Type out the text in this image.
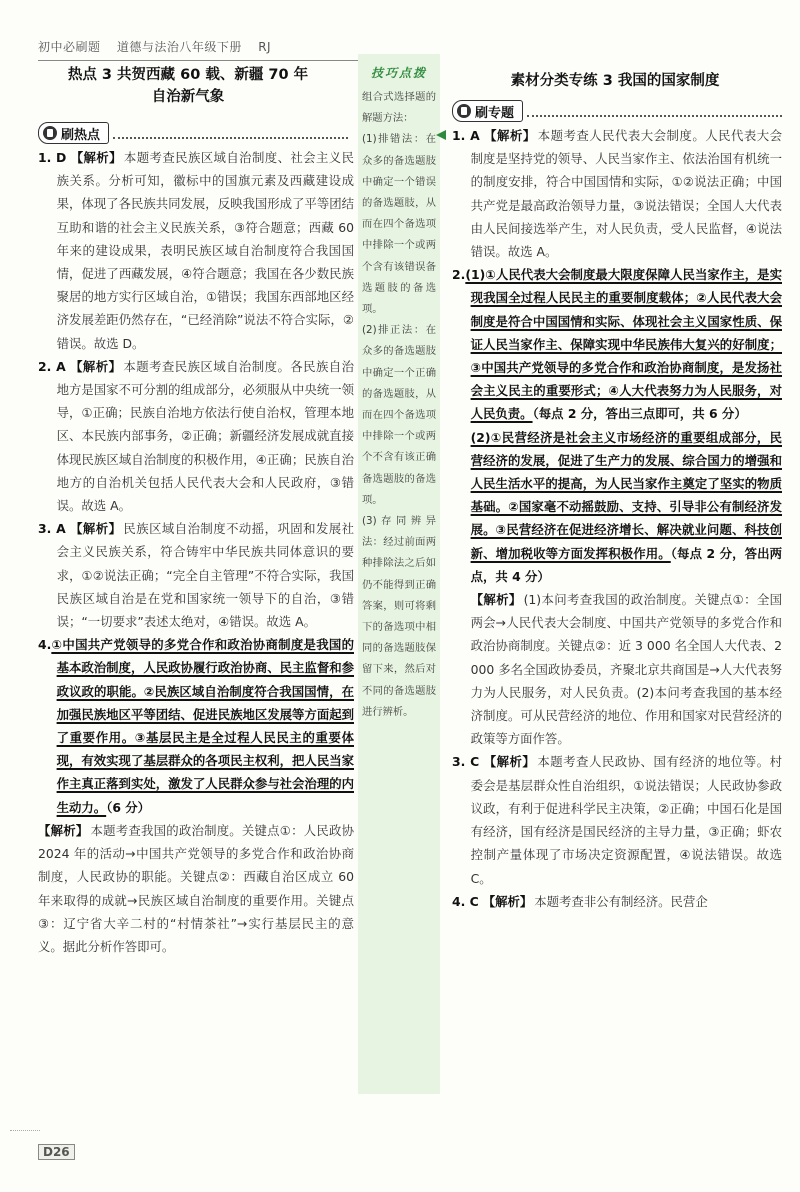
初中必刷题 道德与法治八年级下册 RJ
热点 3 共贺西藏 60 载、新疆 70 年
自治新气象
刷热点

1. D 【解析】 本题考查民族区域自治制度、社会主义民族关系。分析可知，徽标中的国旗元素及西藏建设成果，体现了各民族共同发展，反映我国形成了平等团结互助和谐的社会主义民族关系，③符合题意；西藏 60 年来的建设成果，表明民族区域自治制度符合我国国情，促进了西藏发展，④符合题意；我国在各少数民族聚居的地方实行区域自治，①错误；我国东西部地区经济发展差距仍然存在，“已经消除”说法不符合实际，②错误。故选 D。

2. A 【解析】 本题考查民族区域自治制度。各民族自治地方是国家不可分割的组成部分，必须服从中央统一领导，①正确；民族自治地方依法行使自治权，管理本地区、本民族内部事务，②正确；新疆经济发展成就直接体现民族区域自治制度的积极作用，④正确；民族自治地方的自治机关包括人民代表大会和人民政府，③错误。故选 A。

3. A 【解析】 民族区域自治制度不动摇，巩固和发展社会主义民族关系，符合铸牢中华民族共同体意识的要求，①②说法正确；“完全自主管理”不符合实际，我国民族区域自治是在党和国家统一领导下的自治，③错误；“一切要求”表述太绝对，④错误。故选 A。

4.①中国共产党领导的多党合作和政治协商制度是我国的基本政治制度，人民政协履行政治协商、民主监督和参政议政的职能。②民族区域自治制度符合我国国情，在加强民族地区平等团结、促进民族地区发展等方面起到了重要作用。③基层民主是全过程人民民主的重要体现，有效实现了基层群众的各项民主权利，把人民当家作主真正落到实处，激发了人民群众参与社会治理的内生动力。（6 分）

【解析】 本题考查我国的政治制度。关键点①：人民政协 2024 年的活动→中国共产党领导的多党合作和政治协商制度，人民政协的职能。关键点②：西藏自治区成立 60 年来取得的成就→民族区域自治制度的重要作用。关键点③：辽宁省大辛二村的“村情茶社”→实行基层民主的意义。据此分析作答即可。

技巧点拨

组合式选择题的解题方法：

(1)排错法：在众多的备选题肢中确定一个错误的备选题肢，从而在四个备选项中排除一个或两个含有该错误备选题肢的备选项。

(2)排正法：在众多的备选题肢中确定一个正确的备选题肢，从而在四个备选项中排除一个或两个不含有该正确备选题肢的备选项。

(3)存同辨异法：经过前面两种排除法之后如仍不能得到正确答案，则可将剩下的备选项中相同的备选题肢保留下来，然后对不同的备选题肢进行辨析。

素材分类专练 3 我国的国家制度
刷专题

1. A 【解析】 本题考查人民代表大会制度。人民代表大会制度是坚持党的领导、人民当家作主、依法治国有机统一的制度安排，符合中国国情和实际，①②说法正确；中国共产党是最高政治领导力量，③说法错误；全国人大代表由人民间接选举产生，对人民负责，受人民监督，④说法错误。故选 A。

2.(1)①人民代表大会制度最大限度保障人民当家作主，是实现我国全过程人民民主的重要制度载体；②人民代表大会制度是符合中国国情和实际、体现社会主义国家性质、保证人民当家作主、保障实现中华民族伟大复兴的好制度；③中国共产党领导的多党合作和政治协商制度，是发扬社会主义民主的重要形式；④人大代表努力为人民服务，对人民负责。（每点 2 分，答出三点即可，共 6 分）

(2)①民营经济是社会主义市场经济的重要组成部分，民营经济的发展，促进了生产力的发展、综合国力的增强和人民生活水平的提高，为人民当家作主奠定了坚实的物质基础。②国家毫不动摇鼓励、支持、引导非公有制经济发展。③民营经济在促进经济增长、解决就业问题、科技创新、增加税收等方面发挥积极作用。（每点 2 分，答出两点，共 4 分）

【解析】 (1)本问考查我国的政治制度。关键点①：全国两会→人民代表大会制度、中国共产党领导的多党合作和政治协商制度。关键点②：近 3 000 名全国人大代表、2 000 多名全国政协委员，齐聚北京共商国是→人大代表努力为人民服务，对人民负责。(2)本问考查我国的基本经济制度。可从民营经济的地位、作用和国家对民营经济的政策等方面作答。

3. C 【解析】 本题考查人民政协、国有经济的地位等。村委会是基层群众性自治组织，①说法错误；人民政协参政议政，有利于促进科学民主决策，②正确；中国石化是国有经济，国有经济是国民经济的主导力量，③正确；虾农控制产量体现了市场决定资源配置，④说法错误。故选 C。

4. C 【解析】 本题考查非公有制经济。民营企

D26
